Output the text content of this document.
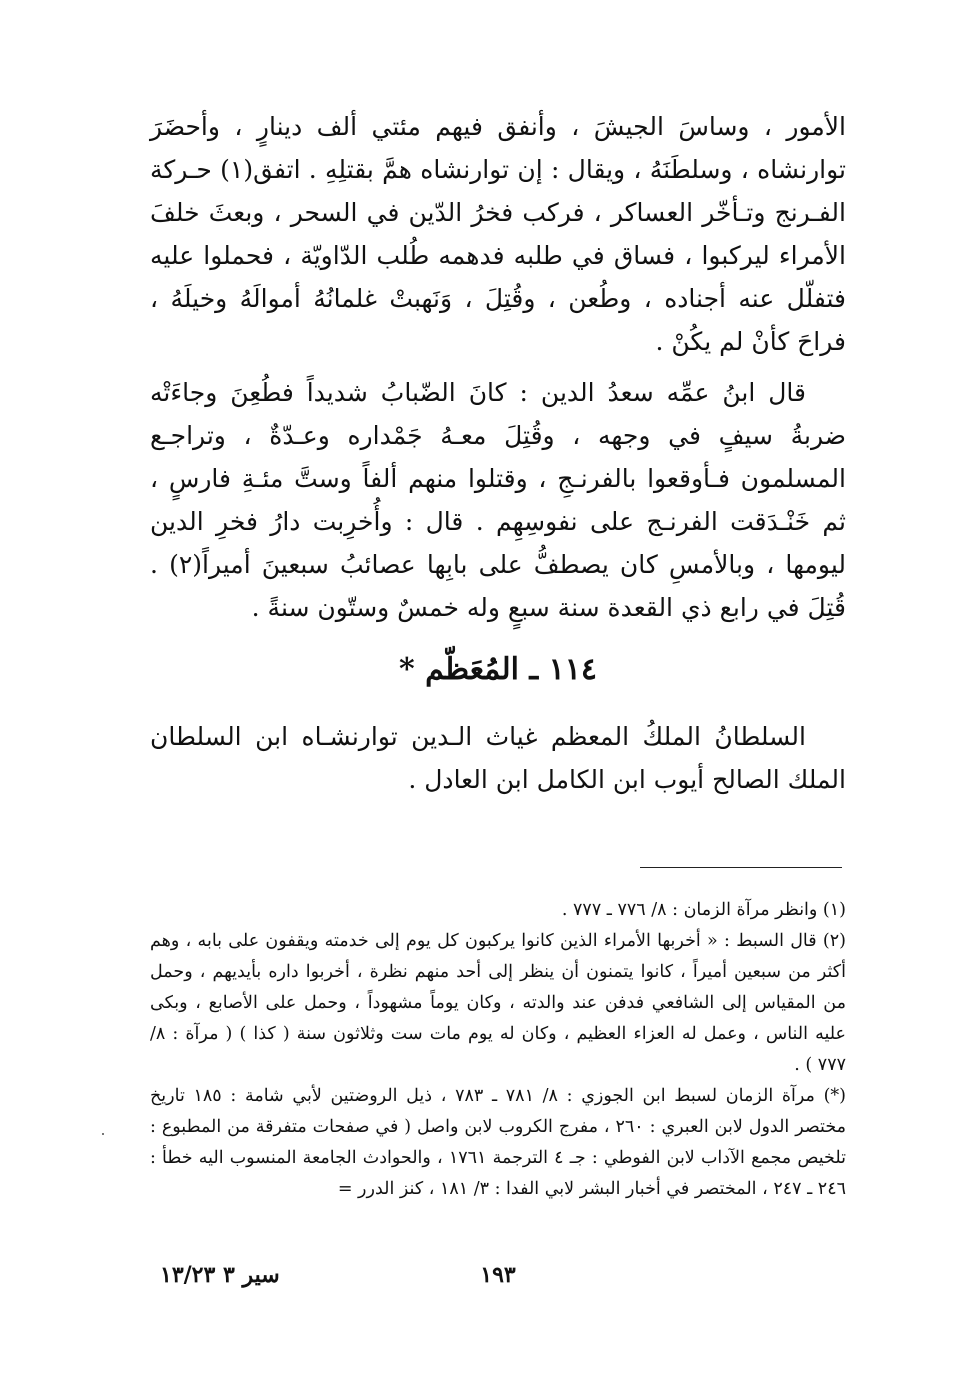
الأمور ، وساسَ الجيشَ ، وأنفق فيهم مئتي ألف دينارٍ ، وأحضَرَ توارنشاه ، وسلطَنَهُ ، ويقال : إن توارنشاه همَّ بقتلِهِ . اتفق(١) حـركة الفـرنج وتـأخّر العساكر ، فركب فخرُ الدّين في السحر ، وبعثَ خلفَ الأمراء ليركبوا ، فساق في طلبه فدهمه طُلب الدّاويّة ، فحملوا عليه فتفلّل عنه أجناده ، وطُعن ، وقُتِلَ ، وَنَهبتْ غلمانُهُ أموالَهُ وخيلَهُ ، فراحَ كأنْ لم يكُنْ .

قال ابنُ عمِّه سعدُ الدين : كانَ الضّبابُ شديداً فطُعِنَ وجاءَتْه ضربةُ سيفٍ في وجهه ، وقُتِلَ معـهُ جَمْداره وعـدّةٌ ، وتراجـع المسلمون فـأوقعوا بالفرنـجِ ، وقتلوا منهم ألفاً وستَّ مئـةِ فارسٍ ، ثم خَنْـدَقت الفرنـج على نفوسِهِم . قال : وأُخرِبت دارُ فخرِ الدين ليومها ، وبالأمسِ كان يصطفُّ على بابِها عصائبُ سبعينَ أميراً(٢) . قُتِلَ في رابع ذي القعدة سنة سبعٍ وله خمسٌ وستّون سنةً .

١١٤ ـ المُعَظّم *

السلطانُ الملكُ المعظم غياث الـدين توارنشـاه ابن السلطان الملك الصالح أيوب ابن الكامل ابن العادل .

(١) وانظر مرآة الزمان : ٨/ ٧٧٦ ـ ٧٧٧ .

(٢) قال السبط : « أخربها الأمراء الذين كانوا يركبون كل يوم إلى خدمته ويقفون على بابه ، وهم أكثر من سبعين أميراً ، كانوا يتمنون أن ينظر إلى أحد منهم نظرة ، أخربوا داره بأيديهم ، وحمل من المقياس إلى الشافعي فدفن عند والدته ، وكان يوماً مشهوداً ، وحمل على الأصابع ، وبكى عليه الناس ، وعمل له العزاء العظيم ، وكان له يوم مات ست وثلاثون سنة ( كذا ) ( مرآة : ٨/ ٧٧٧ ) .

(*) مرآة الزمان لسبط ابن الجوزي : ٨/ ٧٨١ ـ ٧٨٣ ، ذيل الروضتين لأبي شامة : ١٨٥ تاريخ مختصر الدول لابن العبري : ٢٦٠ ، مفرج الكروب لابن واصل ( في صفحات متفرقة من المطبوع : تلخيص مجمع الآداب لابن الفوطي : جـ ٤ الترجمة ١٧٦١ ، والحوادث الجامعة المنسوب اليه خطأ : ٢٤٦ ـ ٢٤٧ ، المختصر في أخبار البشر لابي الفدا : ٣/ ١٨١ ، كنز الدرر =

١٩٣
سير ٣ ١٣/٢٣
